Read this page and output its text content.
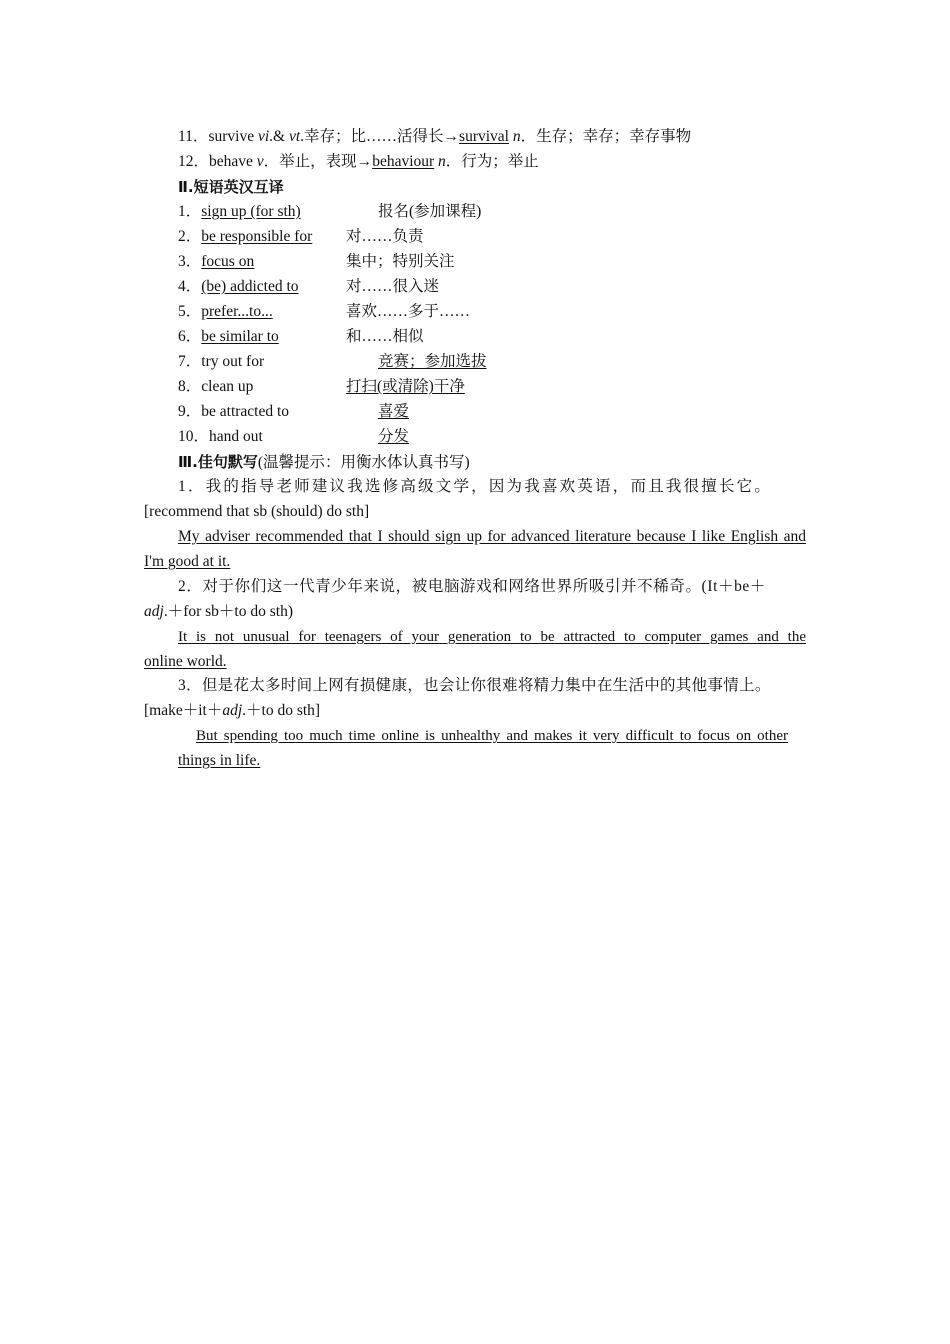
11．survive vi.& vt.幸存；比……活得长→survival n．生存；幸存；幸存事物
12．behave v．举止，表现→behaviour n．行为；举止
Ⅱ.短语英汉互译
1．sign up (for sth)	报名(参加课程)
2．be responsible for 对……负责
3．focus on	集中；特别关注
4．(be) addicted to	对……很入迷
5．prefer...to...	喜欢……多于……
6．be similar to	和……相似
7．try out for	竞赛；参加选拔
8．clean up	打扫(或清除)干净
9．be attracted to	喜爱
10．hand out	分发
Ⅲ.佳句默写(温馨提示：用衡水体认真书写)
1．我的指导老师建议我选修高级文学，因为我喜欢英语，而且我很擅长它。
[recommend that sb (should) do sth]
My adviser recommended that I should sign up for advanced literature because I like English and
I'm good at it.
2．对于你们这一代青少年来说，被电脑游戏和网络世界所吸引并不稀奇。(It＋be＋
adj.＋for sb＋to do sth)
It is not unusual for teenagers of your generation to be attracted to computer games and the
online world.
3．但是花太多时间上网有损健康，也会让你很难将精力集中在生活中的其他事情上。
[make＋it＋adj.＋to do sth]
But spending too much time online is unhealthy and makes it very difficult to focus on other
things in life.
